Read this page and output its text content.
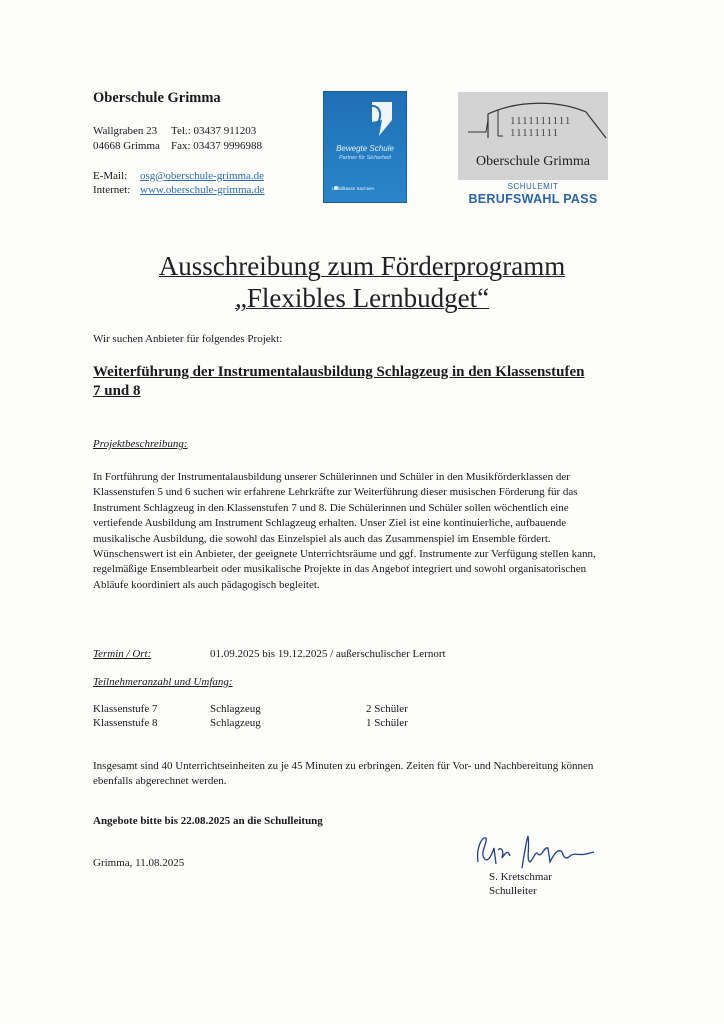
Oberschule Grimma
Wallgraben 23
04668 Grimma
Tel.: 03437 911203
Fax: 03437 9996988
E-Mail: osg@oberschule-grimma.de
Internet: www.oberschule-grimma.de
Bewegte Schule
Partner für Sicherheit
Unfallkasse Sachsen
1111111111
11111111
Oberschule Grimma
SCHULEMIT
BERUFSWAHL PASS
Ausschreibung zum Förderprogramm
„Flexibles Lernbudget“
Wir suchen Anbieter für folgendes Projekt:
Weiterführung der Instrumentalausbildung Schlagzeug in den Klassenstufen 7 und 8
Projektbeschreibung:
In Fortführung der Instrumentalausbildung unserer Schülerinnen und Schüler in den Musikförderklassen der Klassenstufen 5 und 6 suchen wir erfahrene Lehrkräfte zur Weiterführung dieser musischen Förderung für das Instrument Schlagzeug in den Klassenstufen 7 und 8. Die Schülerinnen und Schüler sollen wöchentlich eine vertiefende Ausbildung am Instrument Schlagzeug erhalten. Unser Ziel ist eine kontinuierliche, aufbauende musikalische Ausbildung, die sowohl das Einzelspiel als auch das Zusammenspiel im Ensemble fördert. Wünschenswert ist ein Anbieter, der geeignete Unterrichtsräume und ggf. Instrumente zur Verfügung stellen kann, regelmäßige Ensemblearbeit oder musikalische Projekte in das Angebot integriert und sowohl organisatorischen Abläufe koordiniert als auch pädagogisch begleitet.
Termin / Ort:	01.09.2025 bis 19.12.2025 / außerschulischer Lernort
Teilnehmeranzahl und Umfang:
Klassenstufe 7	Schlagzeug	2 Schüler
Klassenstufe 8	Schlagzeug	1 Schüler
Insgesamt sind 40 Unterrichtseinheiten zu je 45 Minuten zu erbringen. Zeiten für Vor- und Nachbereitung können ebenfalls abgerechnet werden.
Angebote bitte bis 22.08.2025 an die Schulleitung
Grimma, 11.08.2025
S. Kretschmar
Schulleiter
